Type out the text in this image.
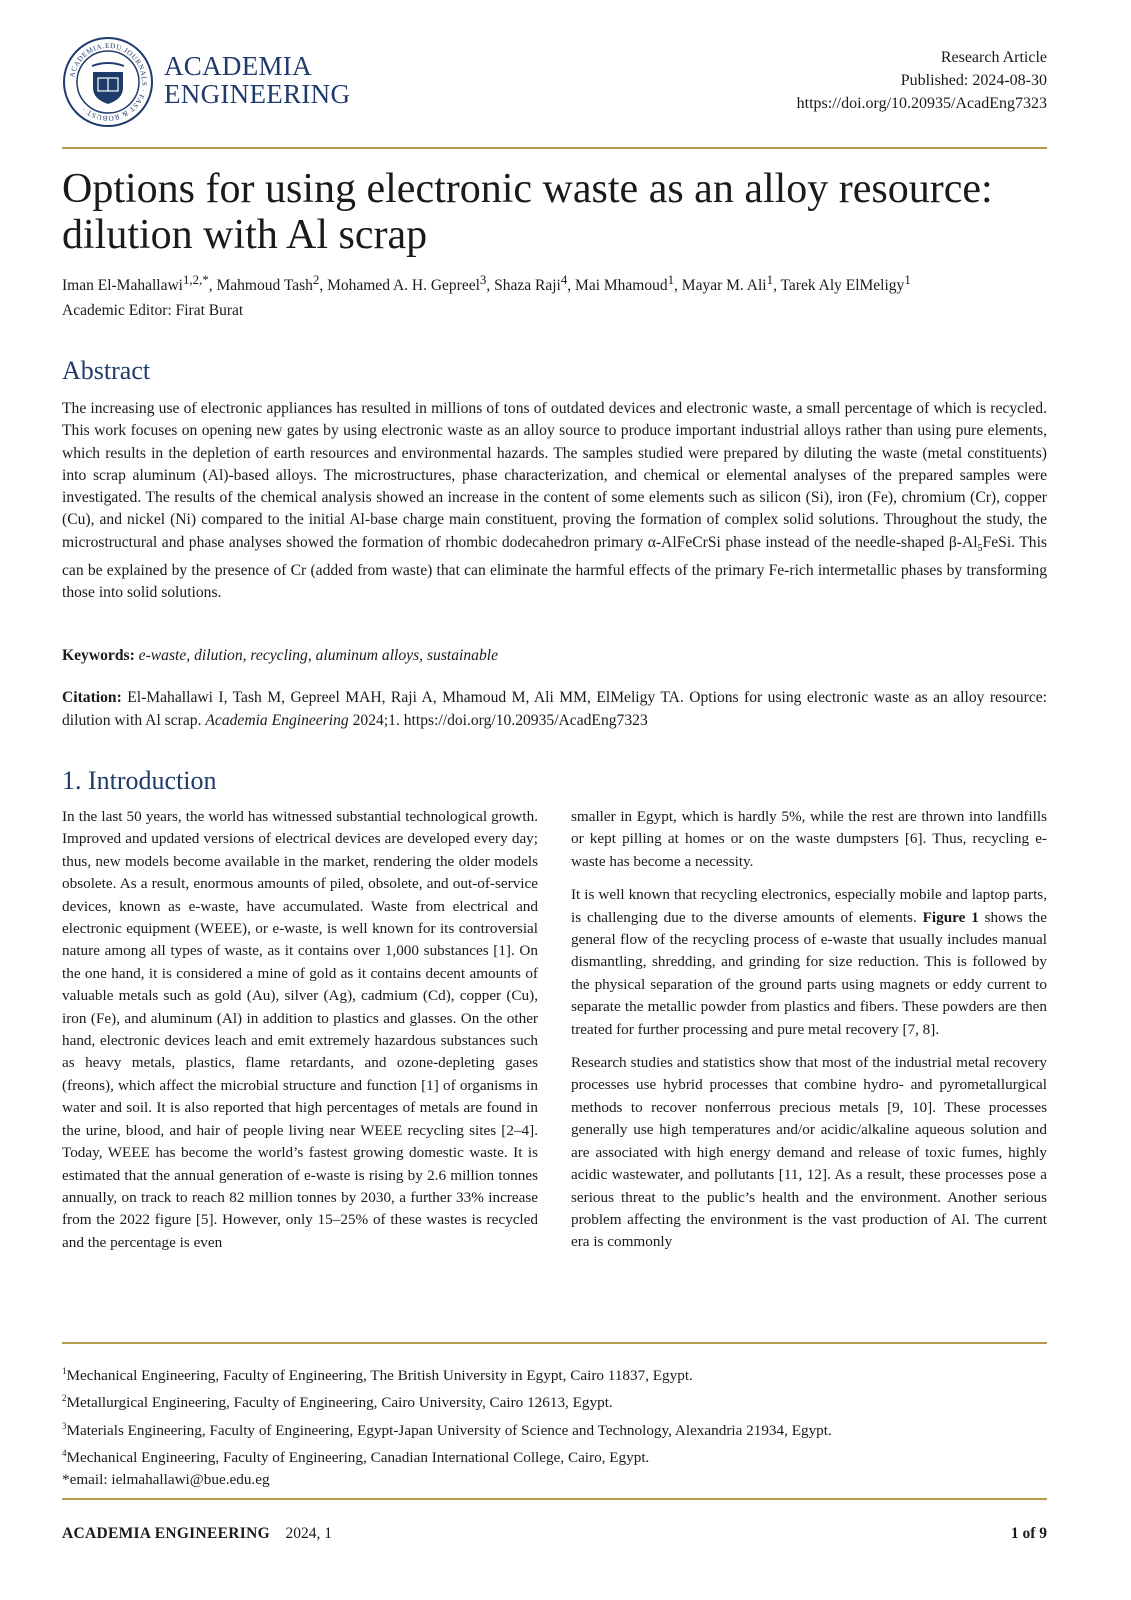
ACADEMIA.EDU JOURNALS · FAST & ROBUST ·
ACADEMIA
ENGINEERING
Research Article
Published: 2024-08-30
https://doi.org/10.20935/AcadEng7323
Options for using electronic waste as an alloy resource:
dilution with Al scrap
Iman El-Mahallawi$^{1,2,*}$, Mahmoud Tash$^2$, Mohamed A. H. Gepreel$^3$, Shaza Raji$^4$, Mai Mhamoud$^1$, Mayar M. Ali$^1$, Tarek Aly ElMeligy$^1$
Academic Editor: Firat Burat
Abstract

The increasing use of electronic appliances has resulted in millions of tons of outdated devices and electronic waste, a small percentage of which is recycled. This work focuses on opening new gates by using electronic waste as an alloy source to produce important industrial alloys rather than using pure elements, which results in the depletion of earth resources and environmental hazards. The samples studied were prepared by diluting the waste (metal constituents) into scrap aluminum (Al)-based alloys. The microstructures, phase characterization, and chemical or elemental analyses of the prepared samples were investigated. The results of the chemical analysis showed an increase in the content of some elements such as silicon (Si), iron (Fe), chromium (Cr), copper (Cu), and nickel (Ni) compared to the initial Al-base charge main constituent, proving the formation of complex solid solutions. Throughout the study, the microstructural and phase analyses showed the formation of rhombic dodecahedron primary α-AlFeCrSi phase instead of the needle-shaped $\beta-Al_5FeSi$. This can be explained by the presence of Cr (added from waste) that can eliminate the harmful effects of the primary Fe-rich intermetallic phases by transforming those into solid solutions.

Keywords: e-waste, dilution, recycling, aluminum alloys, sustainable

Citation: El-Mahallawi I, Tash M, Gepreel MAH, Raji A, Mhamoud M, Ali MM, ElMeligy TA. Options for using electronic waste as an alloy resource: dilution with Al scrap. Academia Engineering 2024;1. https://doi.org/10.20935/AcadEng7323

1. Introduction

In the last 50 years, the world has witnessed substantial technological growth. Improved and updated versions of electrical devices are developed every day; thus, new models become available in the market, rendering the older models obsolete. As a result, enormous amounts of piled, obsolete, and out-of-service devices, known as e-waste, have accumulated. Waste from electrical and electronic equipment (WEEE), or e-waste, is well known for its controversial nature among all types of waste, as it contains over 1,000 substances [1]. On the one hand, it is considered a mine of gold as it contains decent amounts of valuable metals such as gold (Au), silver (Ag), cadmium (Cd), copper (Cu), iron (Fe), and aluminum (Al) in addition to plastics and glasses. On the other hand, electronic devices leach and emit extremely hazardous substances such as heavy metals, plastics, flame retardants, and ozone-depleting gases (freons), which affect the microbial structure and function [1] of organisms in water and soil. It is also reported that high percentages of metals are found in the urine, blood, and hair of people living near WEEE recycling sites [2–4]. Today, WEEE has become the world’s fastest growing domestic waste. It is estimated that the annual generation of e-waste is rising by 2.6 million tonnes annually, on track to reach 82 million tonnes by 2030, a further 33% increase from the 2022 figure [5]. However, only 15–25% of these wastes is recycled and the percentage is even

smaller in Egypt, which is hardly 5%, while the rest are thrown into landfills or kept pilling at homes or on the waste dumpsters [6]. Thus, recycling e-waste has become a necessity.

It is well known that recycling electronics, especially mobile and laptop parts, is challenging due to the diverse amounts of elements. Figure 1 shows the general flow of the recycling process of e-waste that usually includes manual dismantling, shredding, and grinding for size reduction. This is followed by the physical separation of the ground parts using magnets or eddy current to separate the metallic powder from plastics and fibers. These powders are then treated for further processing and pure metal recovery [7, 8].

Research studies and statistics show that most of the industrial metal recovery processes use hybrid processes that combine hydro- and pyrometallurgical methods to recover nonferrous precious metals [9, 10]. These processes generally use high temperatures and/or acidic/alkaline aqueous solution and are associated with high energy demand and release of toxic fumes, highly acidic wastewater, and pollutants [11, 12]. As a result, these processes pose a serious threat to the public’s health and the environment. Another serious problem affecting the environment is the vast production of Al. The current era is commonly

$^1$Mechanical Engineering, Faculty of Engineering, The British University in Egypt, Cairo 11837, Egypt.
$^2$Metallurgical Engineering, Faculty of Engineering, Cairo University, Cairo 12613, Egypt.
$^3$Materials Engineering, Faculty of Engineering, Egypt-Japan University of Science and Technology, Alexandria 21934, Egypt.
$^4$Mechanical Engineering, Faculty of Engineering, Canadian International College, Cairo, Egypt.
*email: ielmahallawi@bue.edu.eg
ACADEMIA ENGINEERING 2024, 1	1 of 9
